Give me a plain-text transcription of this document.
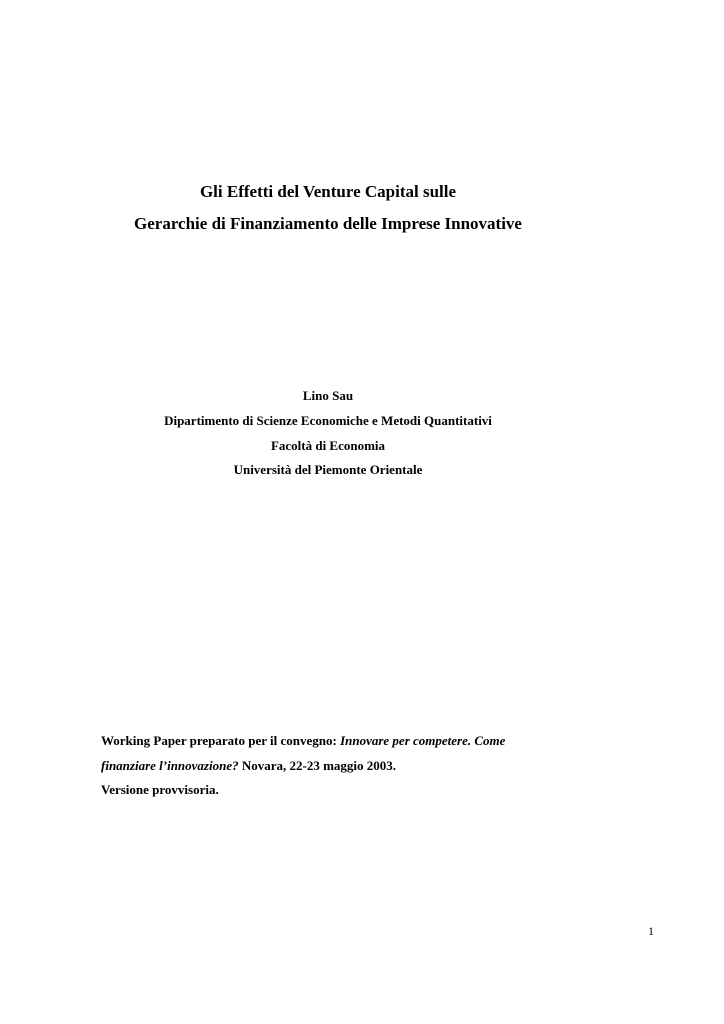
Gli Effetti del Venture Capital sulle
Gerarchie di Finanziamento delle Imprese Innovative
Lino Sau
Dipartimento di Scienze Economiche e Metodi Quantitativi
Facoltà di Economia
Università del Piemonte Orientale
Working Paper preparato per il convegno: Innovare per competere. Come
finanziare l’innovazione? Novara, 22-23 maggio 2003.
Versione provvisoria.
1
